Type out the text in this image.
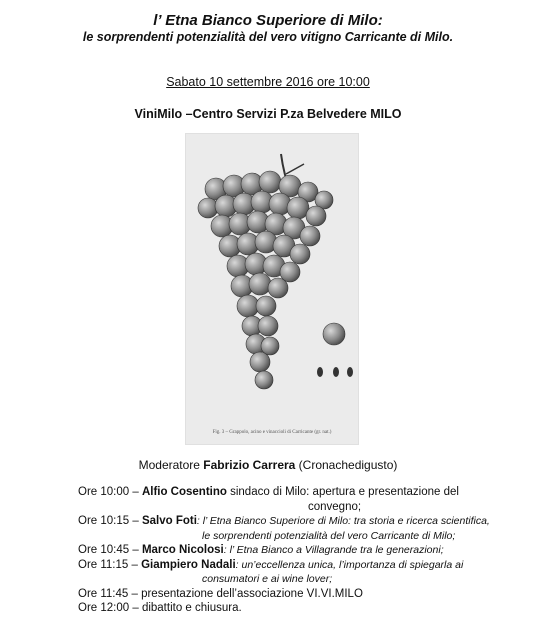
l’ Etna Bianco Superiore di Milo:
le sorprendenti potenzialità del vero vitigno Carricante di Milo.
Sabato 10 settembre 2016 ore 10:00
ViniMilo –Centro Servizi P.za Belvedere MILO
Fig. 3 – Grappolo, acino e vinaccioli di Carricante (gr. nat.)
Moderatore Fabrizio Carrera (Cronachedigusto)
Ore 10:00 – Alfio Cosentino sindaco di Milo: apertura e presentazione del
convegno;
Ore 10:15 – Salvo Foti: l’ Etna Bianco Superiore di Milo: tra storia e ricerca scientifica,
le sorprendenti potenzialità del vero Carricante di Milo;
Ore 10:45 – Marco Nicolosi: l’ Etna Bianco a Villagrande tra le generazioni;
Ore 11:15 – Giampiero Nadali: un’eccellenza unica, l’importanza di spiegarla ai
consumatori e ai wine lover;
Ore 11:45 – presentazione dell’associazione VI.VI.MILO
Ore 12:00 – dibattito e chiusura.
